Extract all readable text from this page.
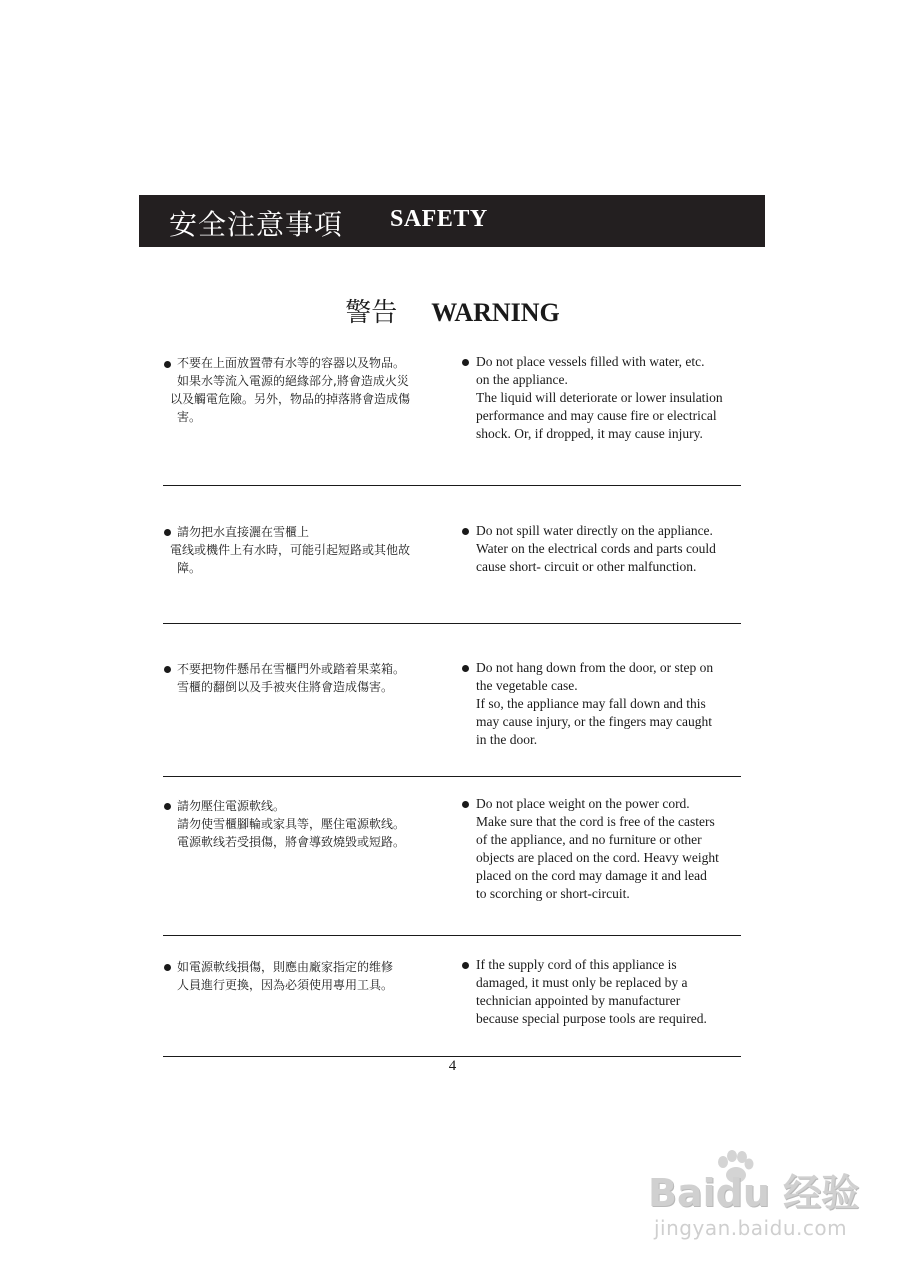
安全注意事項 SAFETY
警告 WARNING
不要在上面放置帶有水等的容器以及物品。
如果水等流入電源的絕緣部分,將會造成火災
以及觸電危險。另外，物品的掉落將會造成傷
害。
Do not place vessels filled with water, etc.
on the appliance.
The liquid will deteriorate or lower insulation
performance and may cause fire or electrical
shock. Or, if dropped, it may cause injury.
請勿把水直接灑在雪櫃上
電线或機件上有水時，可能引起短路或其他故
障。
Do not spill water directly on the appliance.
Water on the electrical cords and parts could
cause short- circuit or other malfunction.
不要把物件懸吊在雪櫃門外或踏着果菜箱。
雪櫃的翻倒以及手被夾住將會造成傷害。
Do not hang down from the door, or step on
the vegetable case.
If so, the appliance may fall down and this
may cause injury, or the fingers may caught
in the door.
請勿壓住電源軟线。
請勿使雪櫃腳輪或家具等，壓住電源軟线。
電源軟线若受損傷，將會導致燒毀或短路。
Do not place weight on the power cord.
Make sure that the cord is free of the casters
of the appliance, and no furniture or other
objects are placed on the cord. Heavy weight
placed on the cord may damage it and lead
to scorching or short-circuit.
如電源軟线損傷，則應由廠家指定的维修
人員進行更換，因為必須使用專用工具。
If the supply cord of this appliance is
damaged, it must only be replaced by a
technician appointed by manufacturer
because special purpose tools are required.
4
Baidu 经验
jingyan.baidu.com
